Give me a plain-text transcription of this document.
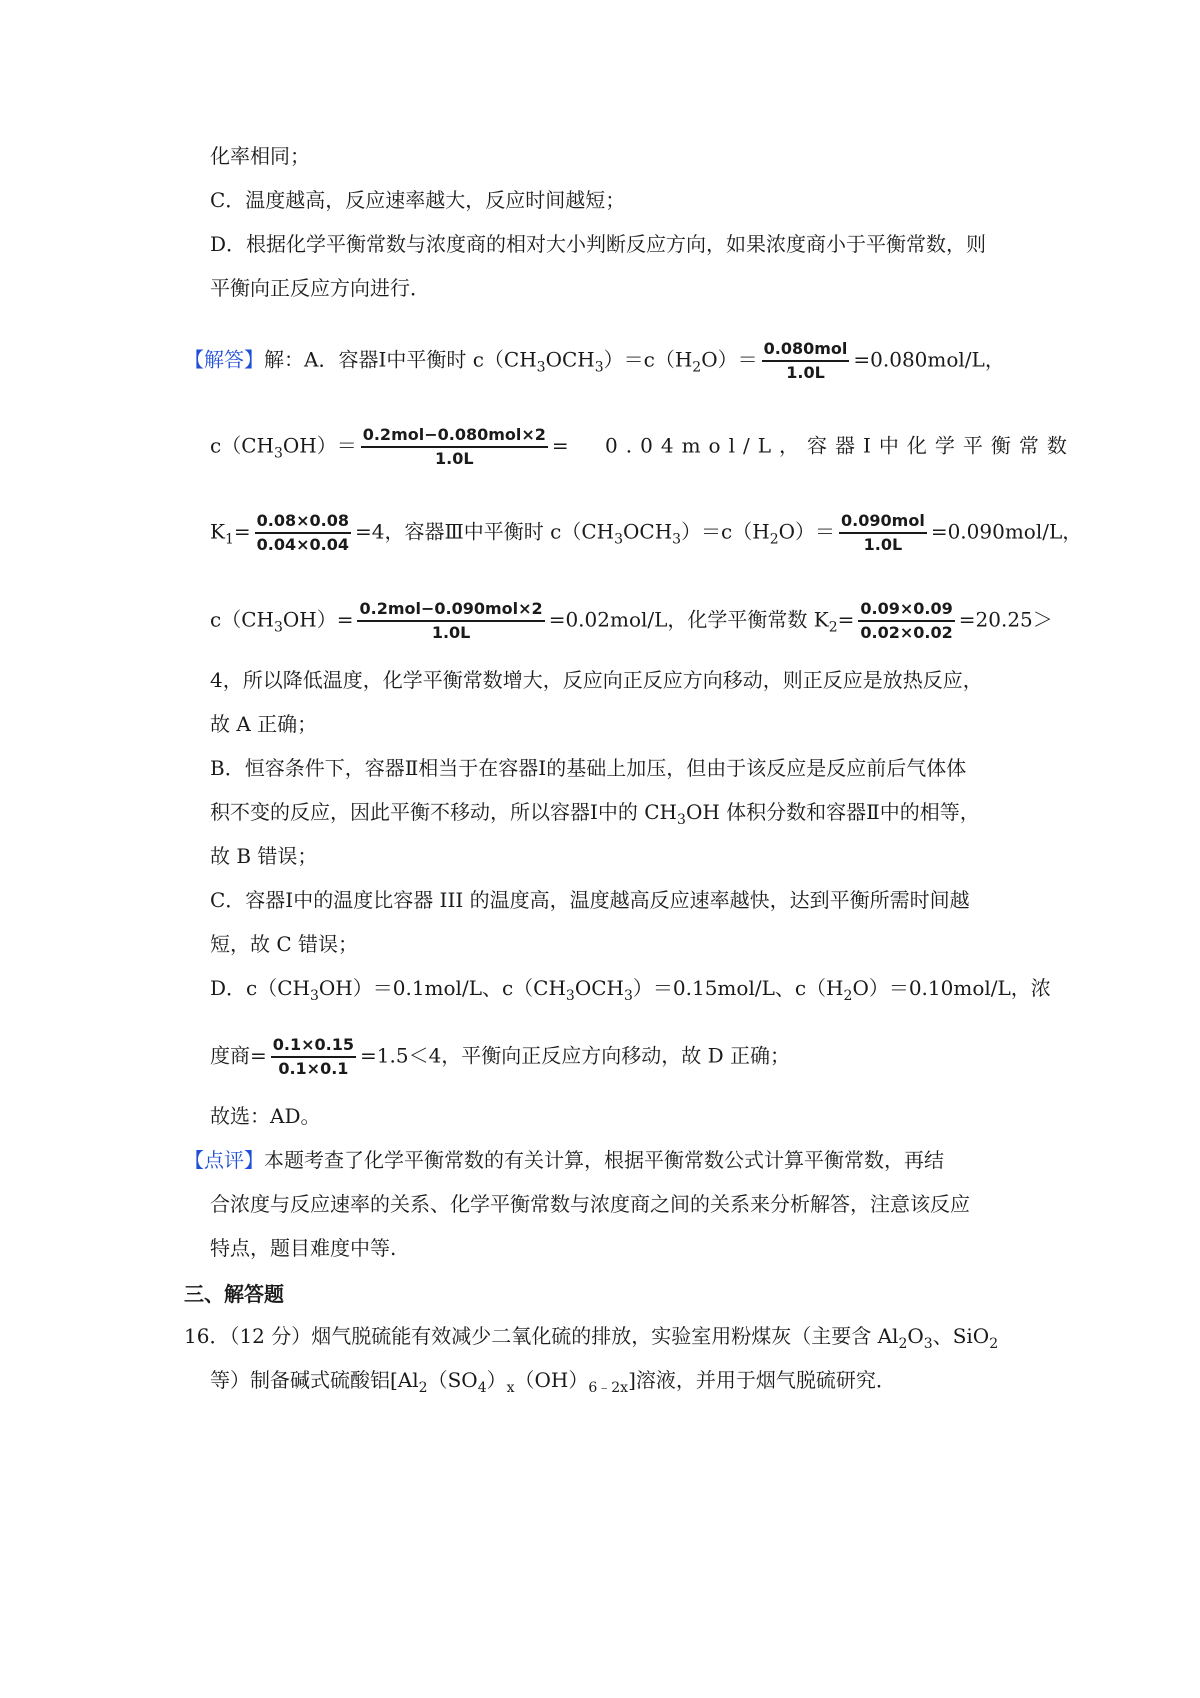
化率相同；
C．温度越高，反应速率越大，反应时间越短；
D．根据化学平衡常数与浓度商的相对大小判断反应方向，如果浓度商小于平衡常数，则
平衡向正反应方向进行．
【解答】解：A．容器Ⅰ中平衡时 $c(CH_3OCH_3)=c(H_2O)= \frac{\text{0.080mol}}{1.0L} =0.080mol/L$，
$c(CH_3OH)= \frac{\text{0.2mol−0.080mol×2}}{1.0L} = 0.04mol/L$，容器Ⅰ中化学平衡常数
$K_1= \frac{0.08\times 0.08}{0.04\times 0.04} =4$，容器Ⅲ中平衡时 $c(CH_3OCH_3)=c(H_2O)= \frac{\text{0.090mol}}{1.0L} =0.090mol/L$，
$c(CH_3OH)= \frac{\text{0.2mol−0.090mol×2}}{1.0L} =0.02mol/L$，化学平衡常数 $K_2= \frac{0.09\times 0.09}{0.02\times 0.02} =20.25>$
4，所以降低温度，化学平衡常数增大，反应向正反应方向移动，则正反应是放热反应，
故 A 正确；
B．恒容条件下，容器Ⅱ相当于在容器Ⅰ的基础上加压，但由于该反应是反应前后气体体
积不变的反应，因此平衡不移动，所以容器Ⅰ中的 $CH_3OH$ 体积分数和容器Ⅱ中的相等，
故 B 错误；
C．容器Ⅰ中的温度比容器 III 的温度高，温度越高反应速率越快，达到平衡所需时间越
短，故 C 错误；
D．$c(CH_3OH)=0.1mol/L$、$c(CH_3OCH_3)=0.15mol/L$、$c(H_2O)=0.10mol/L$，浓
度商= $\frac{0.1\times 0.15}{0.1\times 0.1} =1.5<4$，平衡向正反应方向移动，故 D 正确；
故选：AD。
【点评】本题考查了化学平衡常数的有关计算，根据平衡常数公式计算平衡常数，再结
合浓度与反应速率的关系、化学平衡常数与浓度商之间的关系来分析解答，注意该反应
特点，题目难度中等.
三、解答题
16．（12 分）烟气脱硫能有效减少二氧化硫的排放，实验室用粉煤灰（主要含 $Al_2O_3$、SiO$_2$
等）制备碱式硫酸铝$[Al_2(SO_4)_x(OH)_{6﹣2x}]$溶液，并用于烟气脱硫研究．
